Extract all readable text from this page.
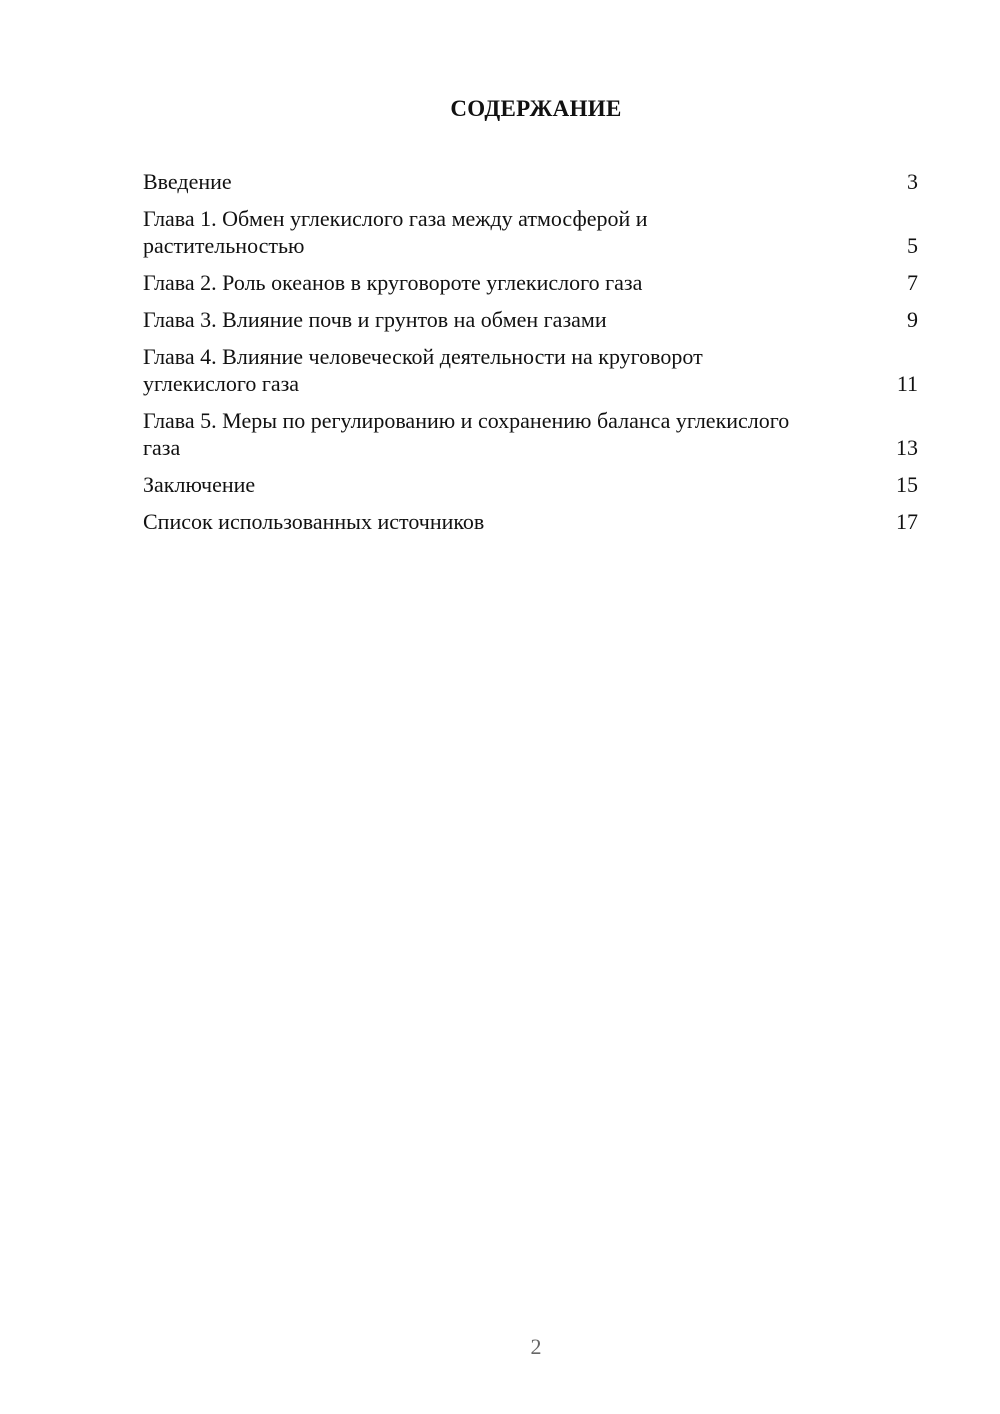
СОДЕРЖАНИЕ
Введение	3
Глава 1. Обмен углекислого газа между атмосферой и растительностью	5
Глава 2. Роль океанов в круговороте углекислого газа	7
Глава 3. Влияние почв и грунтов на обмен газами	9
Глава 4. Влияние человеческой деятельности на круговорот углекислого газа	11
Глава 5. Меры по регулированию и сохранению баланса углекислого газа	13
Заключение	15
Список использованных источников	17
2
